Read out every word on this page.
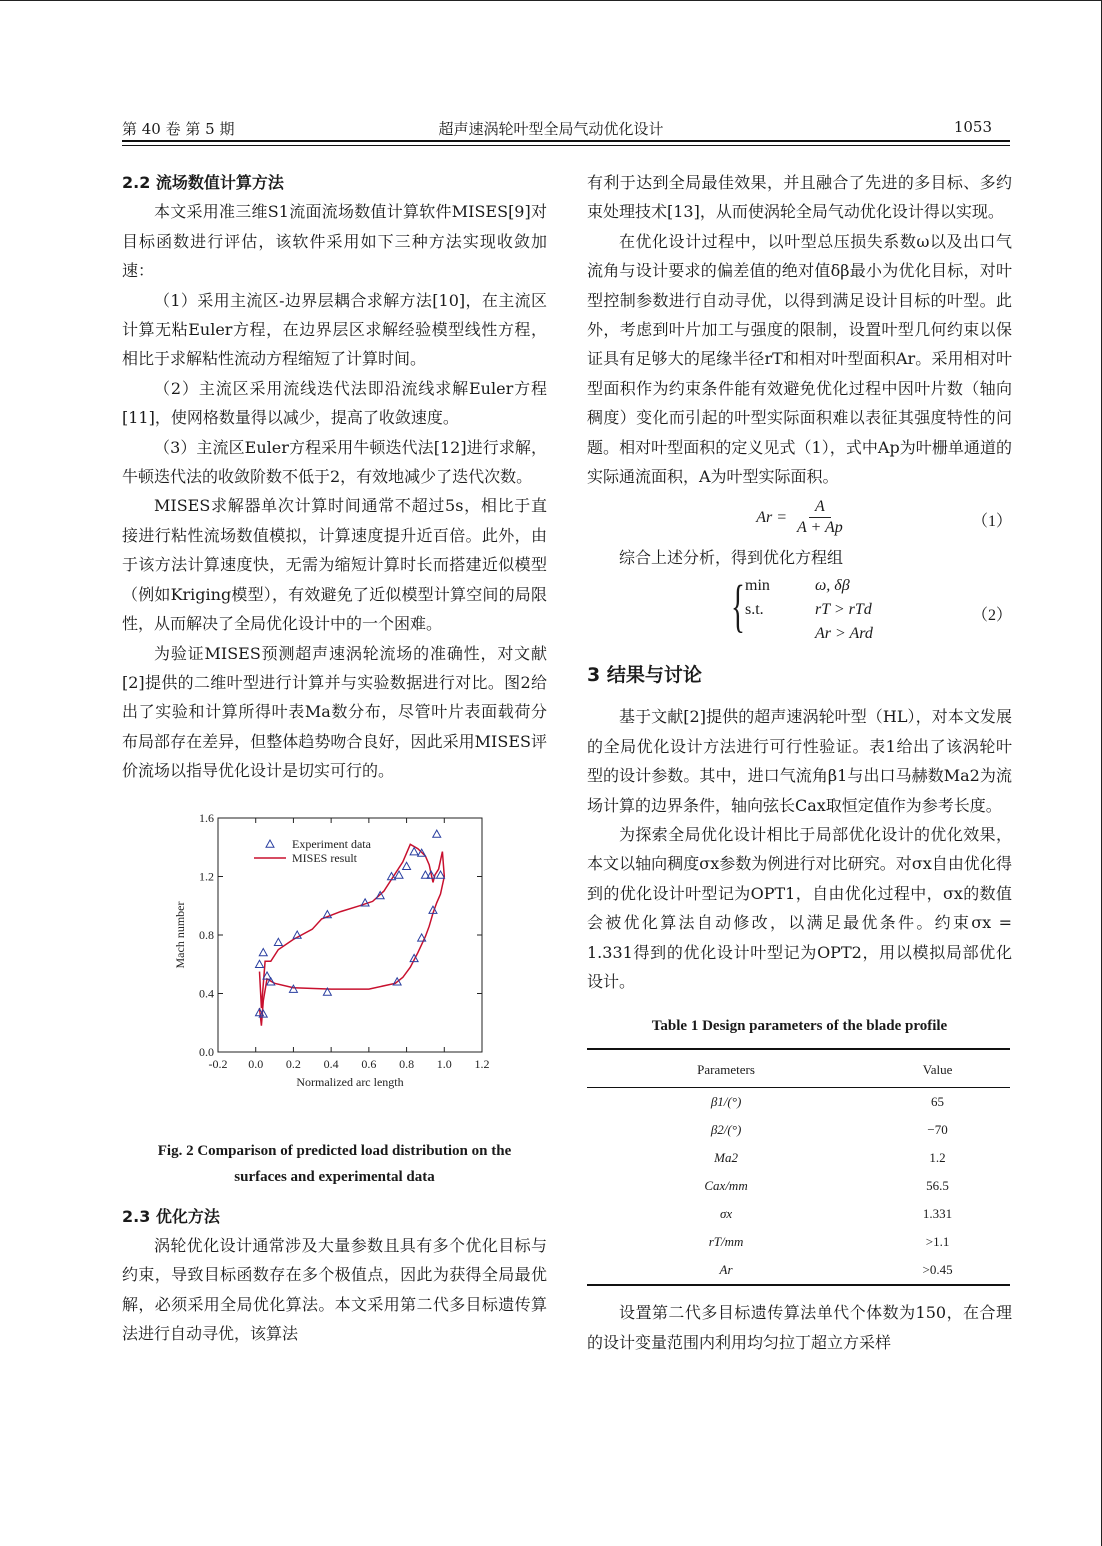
第 40 卷 第 5 期	超声速涡轮叶型全局气动优化设计	1053
2.2 流场数值计算方法

本文采用准三维S1流面流场数值计算软件MISES[9]对目标函数进行评估，该软件采用如下三种方法实现收敛加速：

（1）采用主流区-边界层耦合求解方法[10]，在主流区计算无粘Euler方程，在边界层区求解经验模型线性方程，相比于求解粘性流动方程缩短了计算时间。

（2）主流区采用流线迭代法即沿流线求解Euler方程[11]，使网格数量得以减少，提高了收敛速度。

（3）主流区Euler方程采用牛顿迭代法[12]进行求解，牛顿迭代法的收敛阶数不低于2，有效地减少了迭代次数。

MISES求解器单次计算时间通常不超过5s，相比于直接进行粘性流场数值模拟，计算速度提升近百倍。此外，由于该方法计算速度快，无需为缩短计算时长而搭建近似模型（例如Kriging模型），有效避免了近似模型计算空间的局限性，从而解决了全局优化设计中的一个困难。

为验证MISES预测超声速涡轮流场的准确性，对文献[2]提供的二维叶型进行计算并与实验数据进行对比。图2给出了实验和计算所得叶表Ma数分布，尽管叶片表面载荷分布局部存在差异，但整体趋势吻合良好，因此采用MISES评价流场以指导优化设计是切实可行的。

-0.2 0.0 0.2 0.4 0.6 0.8 1.0 1.2
0.0
0.4
0.8
1.2
1.6
Normalized arc length
Mach number
Experiment data
MISES result
Fig. 2 Comparison of predicted load distribution on the
surfaces and experimental data
2.3 优化方法

涡轮优化设计通常涉及大量参数且具有多个优化目标与约束，导致目标函数存在多个极值点，因此为获得全局最优解，必须采用全局优化算法。本文采用第二代多目标遗传算法进行自动寻优，该算法

有利于达到全局最佳效果，并且融合了先进的多目标、多约束处理技术[13]，从而使涡轮全局气动优化设计得以实现。

在优化设计过程中，以叶型总压损失系数ω以及出口气流角与设计要求的偏差值的绝对值δβ最小为优化目标，对叶型控制参数进行自动寻优，以得到满足设计目标的叶型。此外，考虑到叶片加工与强度的限制，设置叶型几何约束以保证具有足够大的尾缘半径rT和相对叶型面积Ar。采用相对叶型面积作为约束条件能有效避免优化过程中因叶片数（轴向稠度）变化而引起的叶型实际面积难以表征其强度特性的问题。相对叶型面积的定义见式（1），式中Ap为叶栅单通道的实际通流面积，A为叶型实际面积。

$Ar = \frac{A}{A + Ap}$	（1）

综合上述分析，得到优化方程组

{ min	ω, δβ
s.t.	rT > rTd
Ar > Ard
（2）
3 结果与讨论

基于文献[2]提供的超声速涡轮叶型（HL），对本文发展的全局优化设计方法进行可行性验证。表1给出了该涡轮叶型的设计参数。其中，进口气流角β1与出口马赫数Ma2为流场计算的边界条件，轴向弦长Cax取恒定值作为参考长度。

为探索全局优化设计相比于局部优化设计的优化效果，本文以轴向稠度σx参数为例进行对比研究。对σx自由优化得到的优化设计叶型记为OPT1，自由优化过程中，σx的数值会被优化算法自动修改，以满足最优条件。约束σx = 1.331得到的优化设计叶型记为OPT2，用以模拟局部优化设计。

Table 1 Design parameters of the blade profile
Parameters	Value
β1/(°)	65
β2/(°)	−70
Ma2	1.2
Cax/mm	56.5
σx	1.331
rT/mm	>1.1
Ar	>0.45

设置第二代多目标遗传算法单代个体数为150，在合理的设计变量范围内利用均匀拉丁超立方采样
